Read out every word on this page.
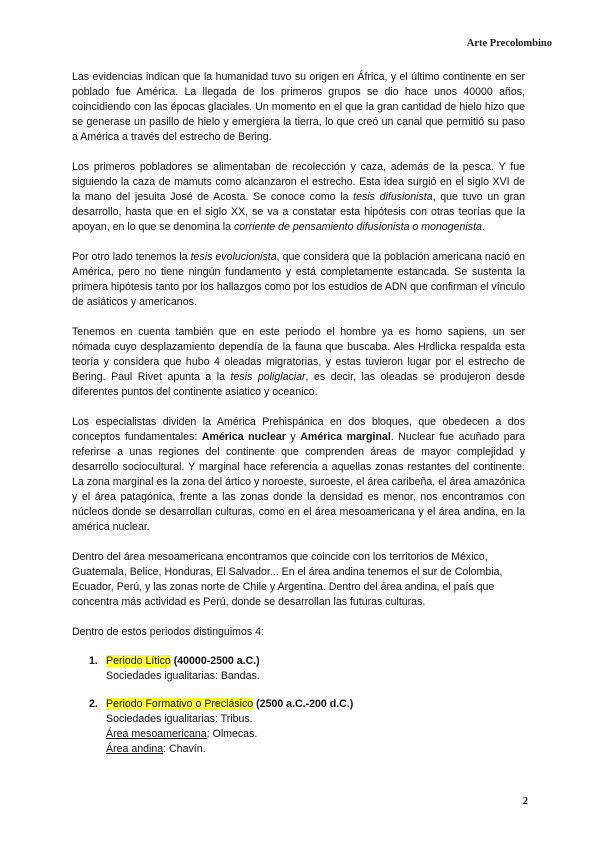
Arte Precolombino

Las evidencias indican que la humanidad tuvo su origen en África, y el último continente en ser poblado fue América. La llegada de los primeros grupos se dio hace unos 40000 años, coincidiendo con las épocas glaciales. Un momento en el que la gran cantidad de hielo hizo que se generase un pasillo de hielo y emergiera la tierra, lo que creó un canal que permitió su paso a América a través del estrecho de Bering.

Los primeros pobladores se alimentaban de recolección y caza, además de la pesca. Y fue siguiendo la caza de mamuts como alcanzaron el estrecho. Esta idea surgió en el siglo XVI de la mano del jesuita José de Acosta. Se conoce como la tesis difusionista, que tuvo un gran desarrollo, hasta que en el siglo XX, se va a constatar esta hipótesis con otras teorías que la apoyan, en lo que se denomina la corriente de pensamiento difusionista o monogenista.

Por otro lado tenemos la tesis evolucionista, que considera que la población americana nació en América, pero no tiene ningún fundamento y está completamente estancada. Se sustenta la primera hipótesis tanto por los hallazgos como por los estudios de ADN que confirman el vínculo de asiáticos y americanos.

Tenemos en cuenta también que en este periodo el hombre ya es homo sapiens, un ser nómada cuyo desplazamiento dependía de la fauna que buscaba. Ales Hrdlicka respalda esta teoría y considera que hubo 4 oleadas migratorias, y estas tuvieron lugar por el estrecho de Bering. Paul Rivet apunta a la tesis poliglaciar, es decir, las oleadas se produjeron desde diferentes puntos del continente asiatico y oceanico.

Los especialistas dividen la América Prehispánica en dos bloques, que obedecen a dos conceptos fundamentales: América nuclear y América marginal. Nuclear fue acuñado para referirse a unas regiones del continente que comprenden áreas de mayor complejidad y desarrollo sociocultural. Y marginal hace referencia a aquellas zonas restantes del continente. La zona marginal es la zona del ártico y noroeste, suroeste, el área caribeña, el área amazónica y el área patagónica, frente a las zonas donde la densidad es menor, nos encontramos con núcleos donde se desarrollan culturas, como en el área mesoamericana y el área andina, en la américa nuclear.

Dentro del área mesoamericana encontramos que coincide con los territorios de México, Guatemala, Belice, Honduras, El Salvador... En el área andina tenemos el sur de Colombia, Ecuador, Perú, y las zonas norte de Chile y Argentina. Dentro del área andina, el país que concentra más actividad es Perú, donde se desarrollan las futuras culturas.

Dentro de estos periodos distinguimos 4:

1. Periodo Lítico (40000-2500 a.C.)
Sociedades igualitarias: Bandas.
2. Periodo Formativo o Preclásico (2500 a.C.-200 d.C.)
Sociedades igualitarias: Tribus.
Área mesoamericana: Olmecas.
Área andina: Chavín.
2
